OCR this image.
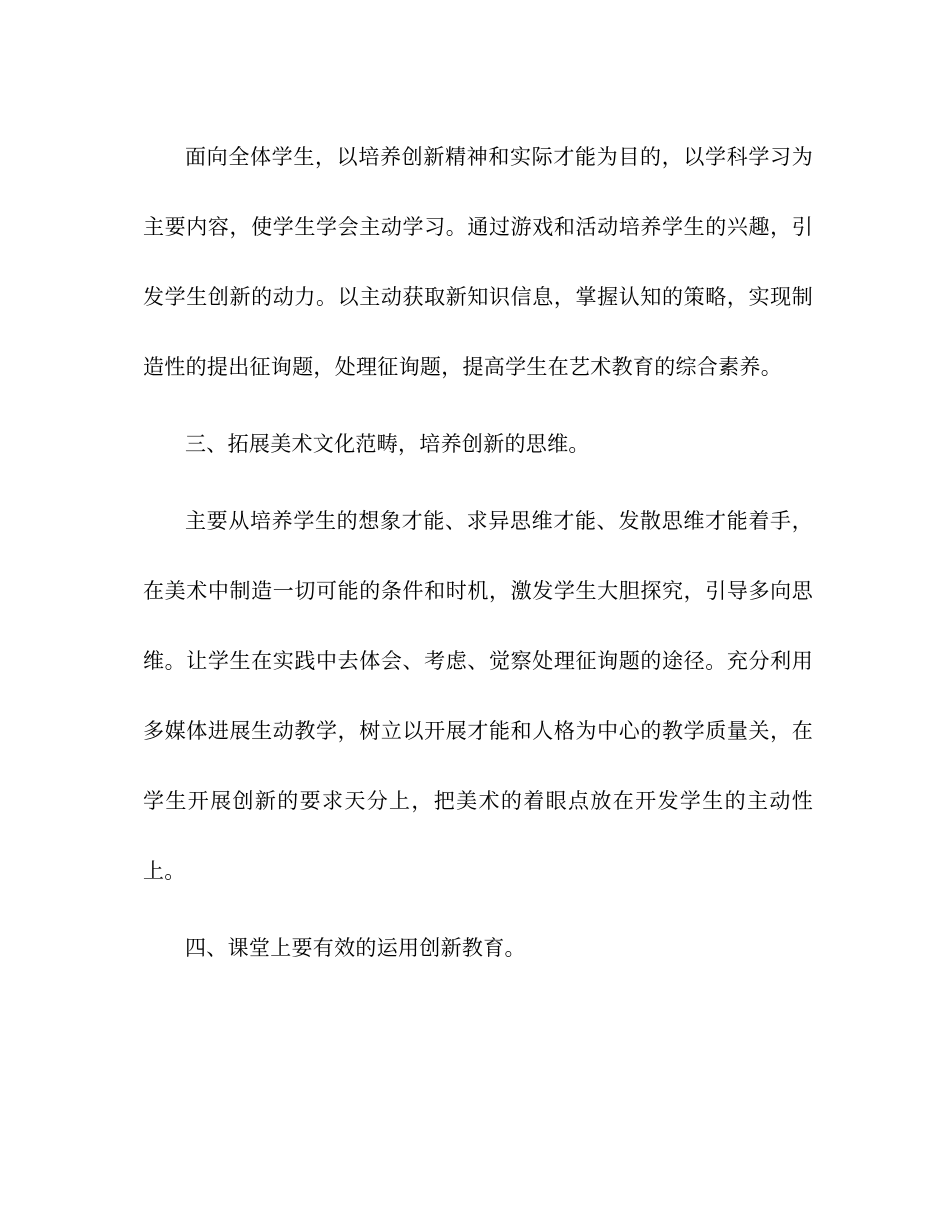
面向全体学生，以培养创新精神和实际才能为目的，以学科学习为主要内容，使学生学会主动学习。通过游戏和活动培养学生的兴趣，引发学生创新的动力。以主动获取新知识信息，掌握认知的策略，实现制造性的提出征询题，处理征询题，提高学生在艺术教育的综合素养。

三、拓展美术文化范畴，培养创新的思维。

主要从培养学生的想象才能、求异思维才能、发散思维才能着手，在美术中制造一切可能的条件和时机，激发学生大胆探究，引导多向思维。让学生在实践中去体会、考虑、觉察处理征询题的途径。充分利用多媒体进展生动教学，树立以开展才能和人格为中心的教学质量关，在学生开展创新的要求天分上，把美术的着眼点放在开发学生的主动性上。

四、课堂上要有效的运用创新教育。
